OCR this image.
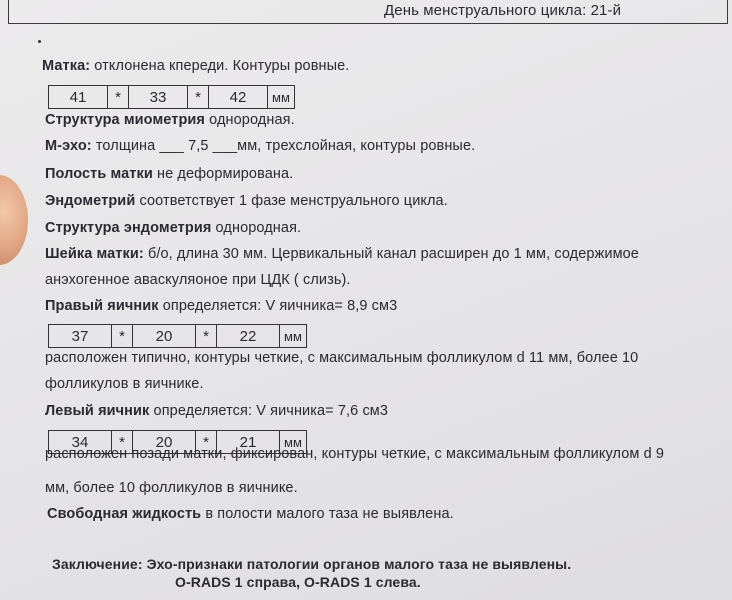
День менструального цикла: 21-й
Матка: отклонена кпереди. Контуры ровные.
41	*	33	*	42	мм
Структура миометрия однородная.
М-эхо: толщина ___ 7,5 ___мм, трехслойная, контуры ровные.
Полость матки не деформирована.
Эндометрий соответствует 1 фазе менструального цикла.
Структура эндометрия однородная.
Шейка матки: б/о, длина 30 мм. Цервикальный канал расширен до 1 мм, содержимое
анэхогенное аваскуляоное при ЦДК ( слизь).
Правый яичник определяется: V яичника= 8,9 см3
37	*	20	*	22	мм
расположен типично, контуры четкие, с максимальным фолликулом d 11 мм, более 10
фолликулов в яичнике.
Левый яичник определяется: V яичника= 7,6 см3
34	*	20	*	21	мм
расположен позади матки, фиксирован, контуры четкие, с максимальным фолликулом d 9
мм, более 10 фолликулов в яичнике.
Свободная жидкость в полости малого таза не выявлена.
Заключение: Эхо-признаки патологии органов малого таза не выявлены.
O-RADS 1 справа, O-RADS 1 слева.
